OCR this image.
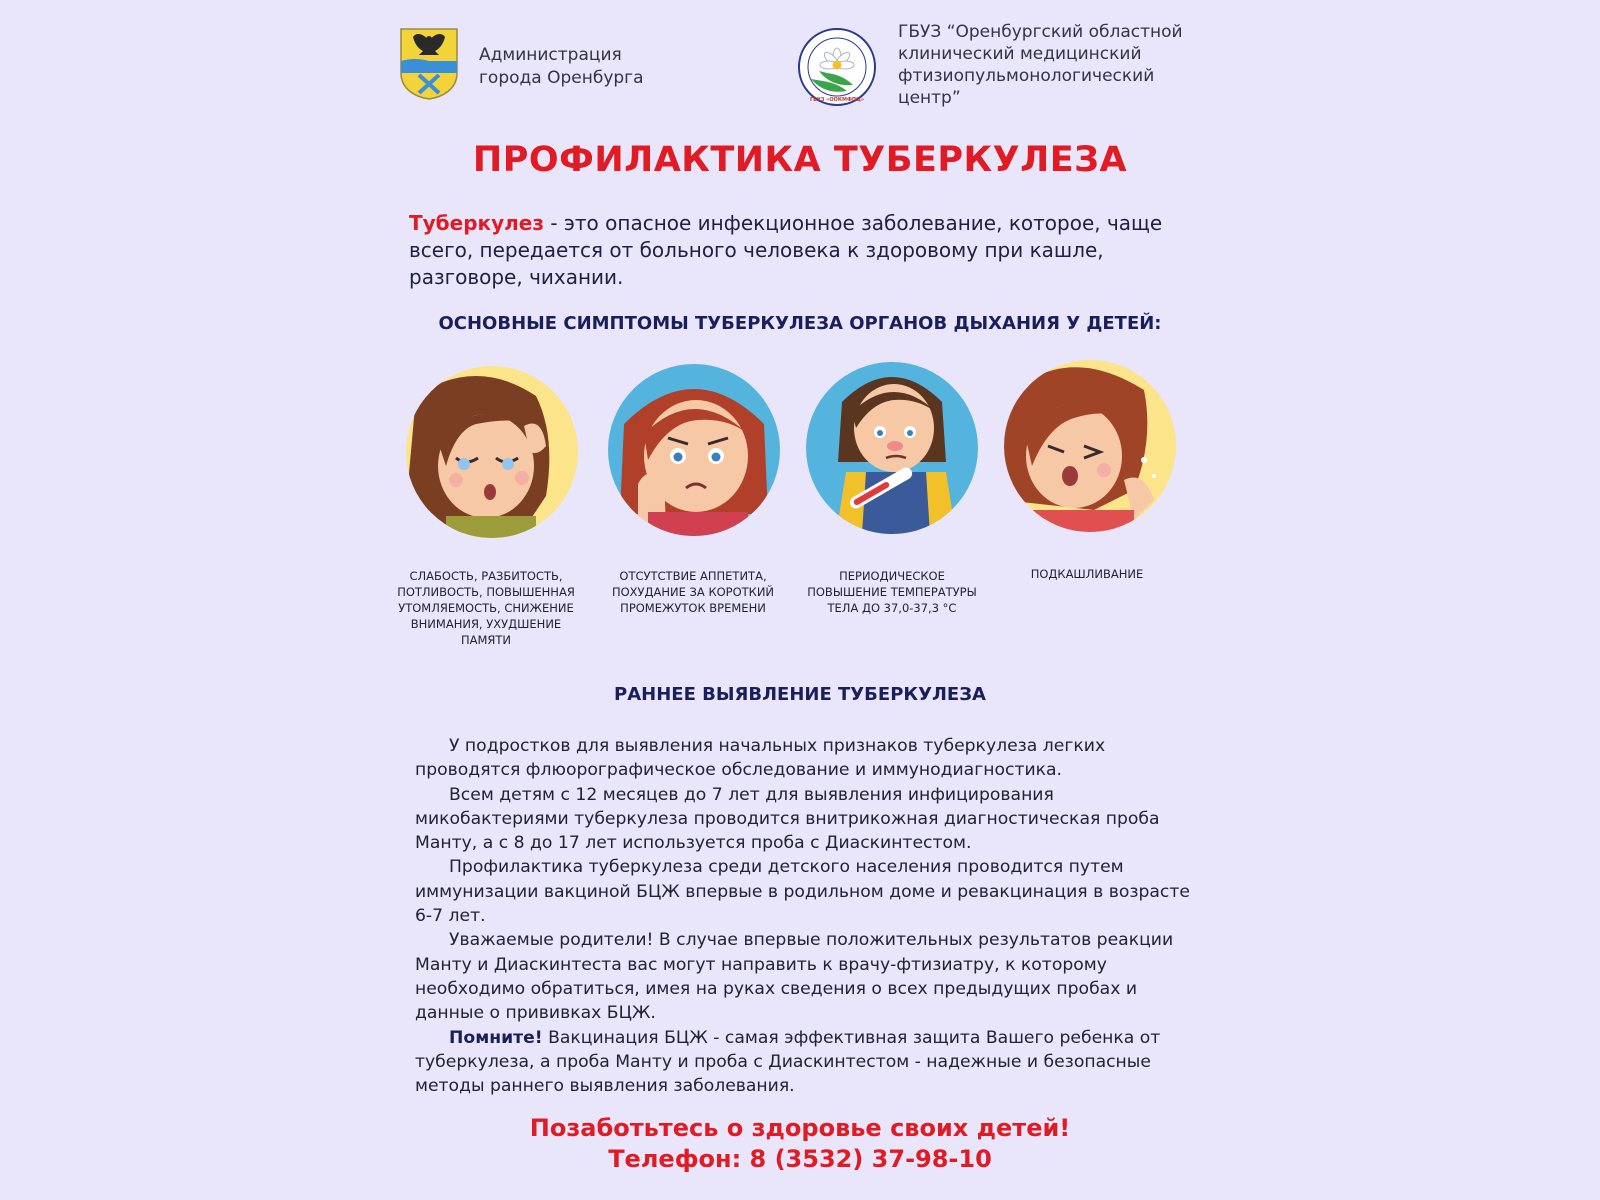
Администрация
города Оренбурга
ГБУЗ «ООКМФПЦ»
ГБУЗ “Оренбургский областной
клинический медицинский
фтизиопульмонологический
центр”
ПРОФИЛАКТИКА ТУБЕРКУЛЕЗА
Туберкулез - это опасное инфекционное заболевание, которое, чаще всего, передается от больного человека к здоровому при кашле, разговоре, чихании.
ОСНОВНЫЕ СИМПТОМЫ ТУБЕРКУЛЕЗА ОРГАНОВ ДЫХАНИЯ У ДЕТЕЙ:
СЛАБОСТЬ, РАЗБИТОСТЬ, ПОТЛИВОСТЬ, ПОВЫШЕННАЯ УТОМЛЯЕМОСТЬ, СНИЖЕНИЕ ВНИМАНИЯ, УХУДШЕНИЕ ПАМЯТИ
ОТСУТСТВИЕ АППЕТИТА, ПОХУДАНИЕ ЗА КОРОТКИЙ ПРОМЕЖУТОК ВРЕМЕНИ
ПЕРИОДИЧЕСКОЕ ПОВЫШЕНИЕ ТЕМПЕРАТУРЫ ТЕЛА ДО 37,0-37,3 °С
ПОДКАШЛИВАНИЕ
РАННЕЕ ВЫЯВЛЕНИЕ ТУБЕРКУЛЕЗА

У подростков для выявления начальных признаков туберкулеза легких проводятся флюорографическое обследование и иммунодиагностика.

Всем детям с 12 месяцев до 7 лет для выявления инфицирования микобактериями туберкулеза проводится внитрикожная диагностическая проба Манту, а с 8 до 17 лет используется проба с Диаскинтестом.

Профилактика туберкулеза среди детского населения проводится путем иммунизации вакциной БЦЖ впервые в родильном доме и ревакцинация в возрасте 6-7 лет.

Уважаемые родители! В случае впервые положительных результатов реакции Манту и Диаскинтеста вас могут направить к врачу-фтизиатру, к которому необходимо обратиться, имея на руках сведения о всех предыдущих пробах и данные о прививках БЦЖ.

Помните! Вакцинация БЦЖ - самая эффективная защита Вашего ребенка от туберкулеза, а проба Манту и проба с Диаскинтестом - надежные и безопасные методы раннего выявления заболевания.

Позаботьтесь о здоровье своих детей!
Телефон: 8 (3532) 37-98-10
